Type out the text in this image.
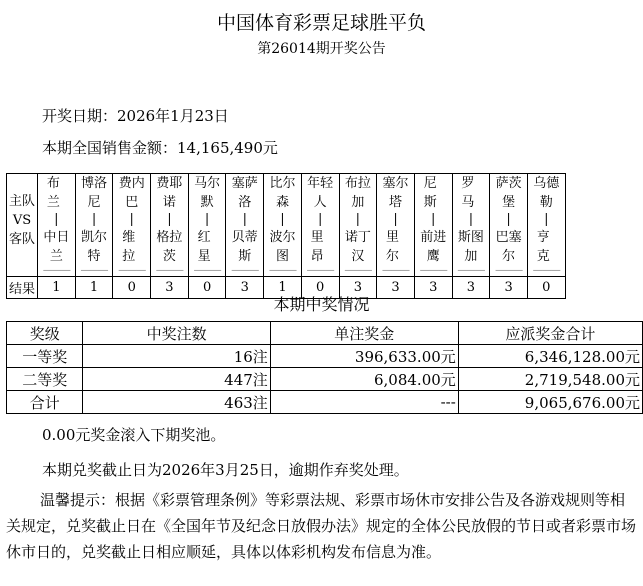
中国体育彩票足球胜平负
第26014期开奖公告
开奖日期：2026年1月23日
本期全国销售金额：14,165,490元
主队
VS
客队	布兰
|
中日兰
———	博洛尼
|
凯尔特
———	费内巴
|
维拉
———	费耶诺
|
格拉茨
———	马尔默
|
红星
———	塞萨洛
|
贝蒂斯
———	比尔森
|
波尔图
———	年轻人
|
里昂
———	布拉加
|
诺丁汉
———	塞尔塔
|
里尔
———	尼斯
|
前进鹰
———	罗马
|
斯图加
———	萨茨堡
|
巴塞尔
———	乌德勒
|
亨克
———

结果	1	1	0	3	0	3	1	0	3	3	3	3	3	0
本期中奖情况
奖级	中奖注数	单注奖金	应派奖金合计
一等奖	16注	396,633.00元	6,346,128.00元
二等奖	447注	6,084.00元	2,719,548.00元
合计	463注	---	9,065,676.00元
0.00元奖金滚入下期奖池。
本期兑奖截止日为2026年3月25日，逾期作弃奖处理。
温馨提示：根据《彩票管理条例》等彩票法规、彩票市场休市安排公告及各游戏规则等相关规定，兑奖截止日在《全国年节及纪念日放假办法》规定的全体公民放假的节日或者彩票市场休市日的，兑奖截止日相应顺延，具体以体彩机构发布信息为准。
